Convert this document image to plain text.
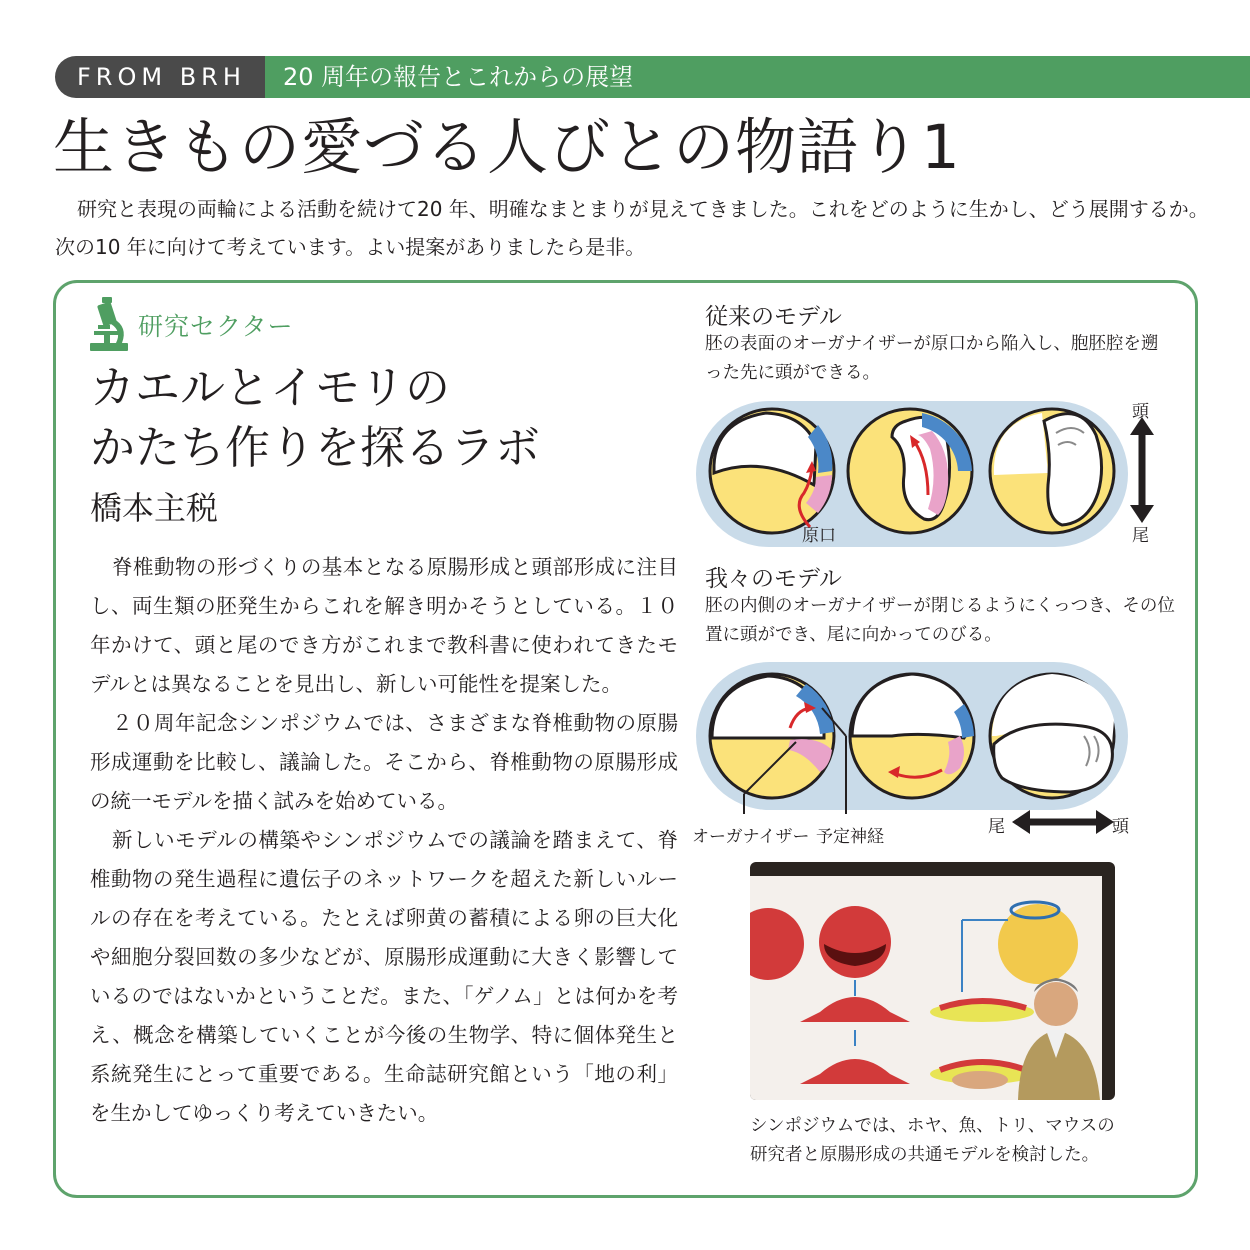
FROM BRH	20 周年の報告とこれからの展望
生きもの愛づる人びとの物語り1

研究と表現の両輪による活動を続けて20 年、明確なまとまりが見えてきました。これをどのように生かし、どう展開するか。次の10 年に向けて考えています。よい提案がありましたら是非。

研究セクター
カエルとイモリの
かたち作りを探るラボ
橋本主税

脊椎動物の形づくりの基本となる原腸形成と頭部形成に注目し、両生類の胚発生からこれを解き明かそうとしている。１０年かけて、頭と尾のでき方がこれまで教科書に使われてきたモデルとは異なることを見出し、新しい可能性を提案した。

２０周年記念シンポジウムでは、さまざまな脊椎動物の原腸形成運動を比較し、議論した。そこから、脊椎動物の原腸形成の統一モデルを描く試みを始めている。

新しいモデルの構築やシンポジウムでの議論を踏まえて、脊椎動物の発生過程に遺伝子のネットワークを超えた新しいルールの存在を考えている。たとえば卵黄の蓄積による卵の巨大化や細胞分裂回数の多少などが、原腸形成運動に大きく影響しているのではないかということだ。また、「ゲノム」とは何かを考え、概念を構築していくことが今後の生物学、特に個体発生と系統発生にとって重要である。生命誌研究館という「地の利」を生かしてゆっくり考えていきたい。

従来のモデル
胚の表面のオーガナイザーが原口から陥入し、胞胚腔を遡った先に頭ができる。
原口
頭
尾
我々のモデル
胚の内側のオーガナイザーが閉じるようにくっつき、その位置に頭ができ、尾に向かってのびる。
オーガナイザー 予定神経	尾	頭
シンポジウムでは、ホヤ、魚、トリ、マウスの研究者と原腸形成の共通モデルを検討した。
